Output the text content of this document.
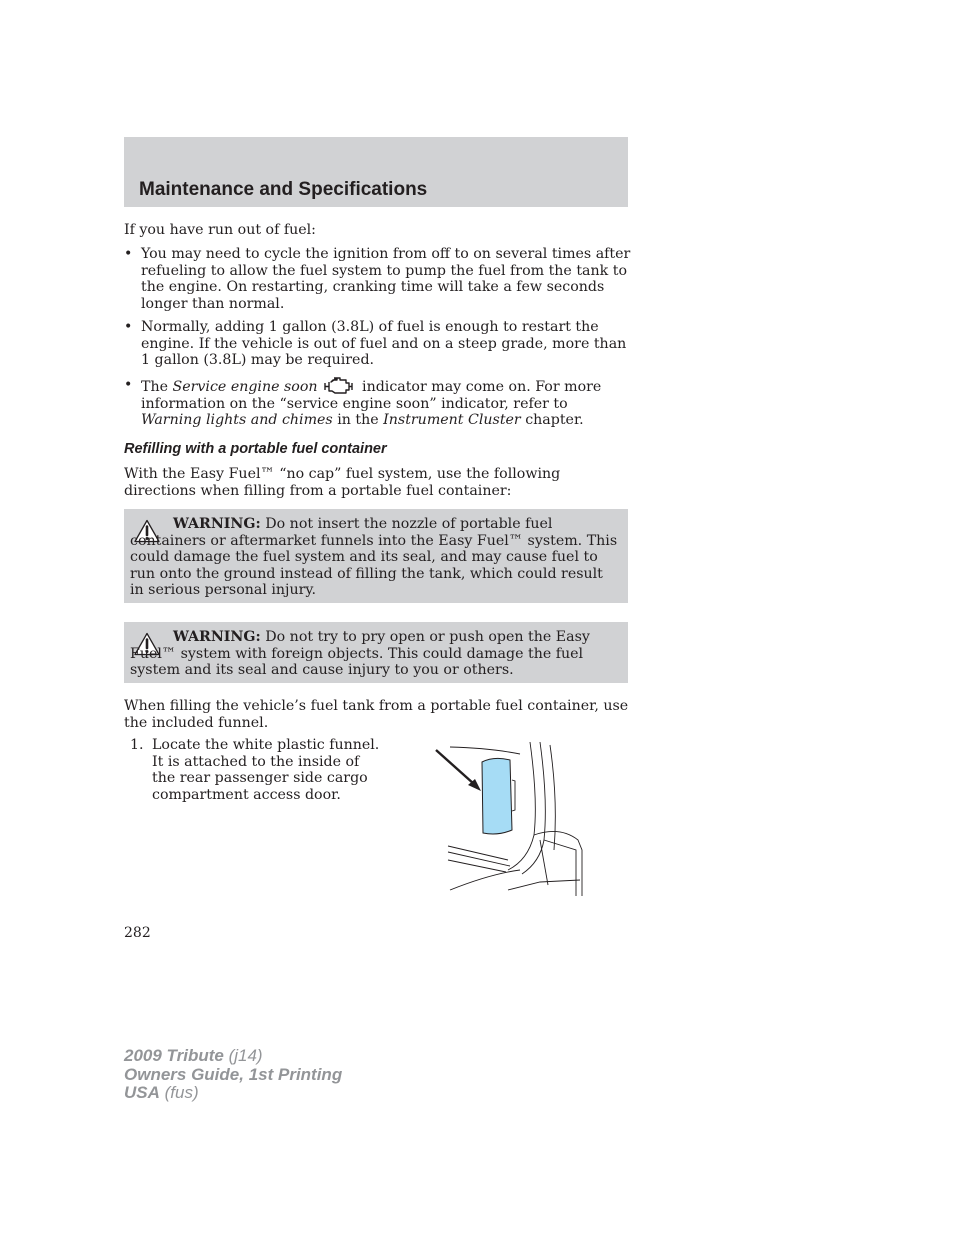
Maintenance and Specifications
If you have run out of fuel:
• You may need to cycle the ignition from off to on several times after refueling to allow the fuel system to pump the fuel from the tank to the engine. On restarting, cranking time will take a few seconds longer than normal.
• Normally, adding 1 gallon (3.8L) of fuel is enough to restart the engine. If the vehicle is out of fuel and on a steep grade, more than 1 gallon (3.8L) may be required.
• The Service engine soon	indicator may come on. For more information on the “service engine soon” indicator, refer to Warning lights and chimes in the Instrument Cluster chapter.
Refilling with a portable fuel container
With the Easy Fuel™ “no cap” fuel system, use the following directions when filling from a portable fuel container:
WARNING: Do not insert the nozzle of portable fuel containers or aftermarket funnels into the Easy Fuel™ system. This could damage the fuel system and its seal, and may cause fuel to run onto the ground instead of filling the tank, which could result in serious personal injury.
WARNING: Do not try to pry open or push open the Easy Fuel™ system with foreign objects. This could damage the fuel system and its seal and cause injury to you or others.
When filling the vehicle’s fuel tank from a portable fuel container, use the included funnel.
1. Locate the white plastic funnel. It is attached to the inside of the rear passenger side cargo compartment access door.
282
2009 Tribute (j14)
Owners Guide, 1st Printing
USA (fus)
